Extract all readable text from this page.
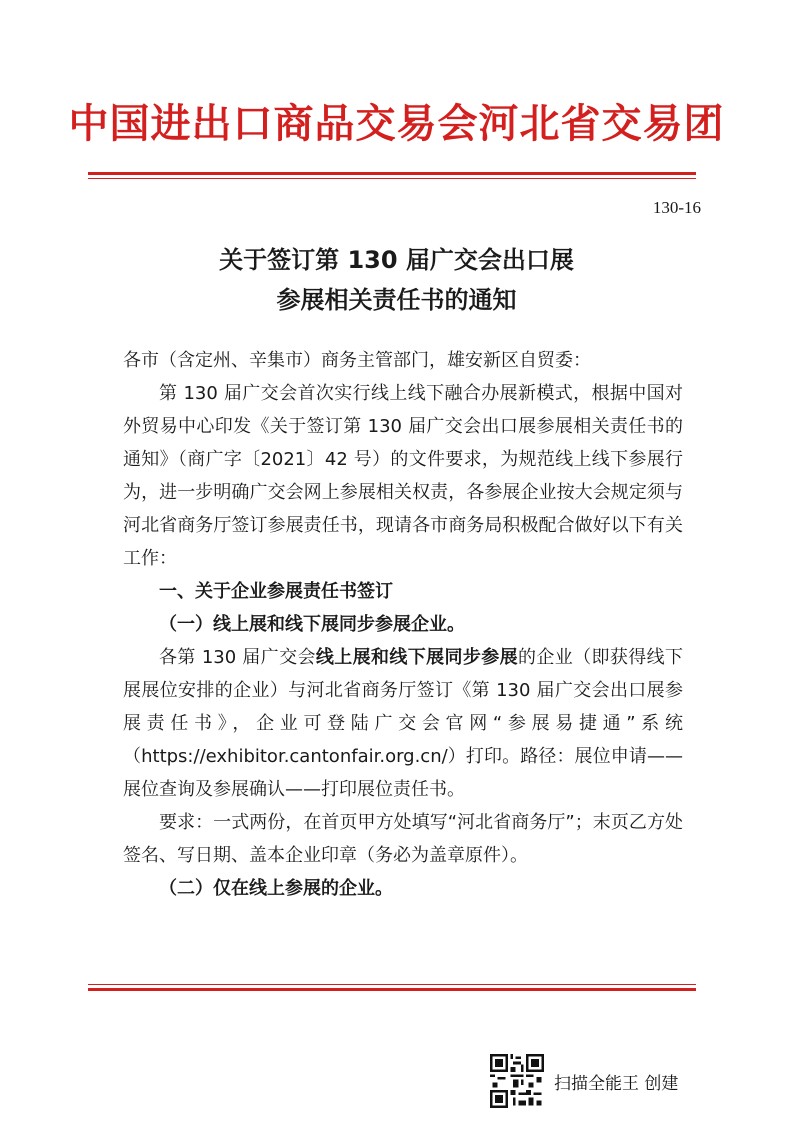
中国进出口商品交易会河北省交易团
130-16
关于签订第 130 届广交会出口展
参展相关责任书的通知

各市（含定州、辛集市）商务主管部门，雄安新区自贸委：

第 130 届广交会首次实行线上线下融合办展新模式，根据中国对外贸易中心印发《关于签订第 130 届广交会出口展参展相关责任书的通知》（商广字〔2021〕42 号）的文件要求，为规范线上线下参展行为，进一步明确广交会网上参展相关权责，各参展企业按大会规定须与河北省商务厅签订参展责任书，现请各市商务局积极配合做好以下有关工作：

一、关于企业参展责任书签订

（一）线上展和线下展同步参展企业。

各第 130 届广交会线上展和线下展同步参展的企业（即获得线下展展位安排的企业）与河北省商务厅签订《第 130 届广交会出口展参展责任书》，企业可登陆广交会官网“参展易捷通”系统（https://exhibitor.cantonfair.org.cn/）打印。路径：展位申请——展位查询及参展确认——打印展位责任书。

要求：一式两份，在首页甲方处填写“河北省商务厅”；末页乙方处签名、写日期、盖本企业印章（务必为盖章原件）。

（二）仅在线上参展的企业。

扫描全能王 创建
